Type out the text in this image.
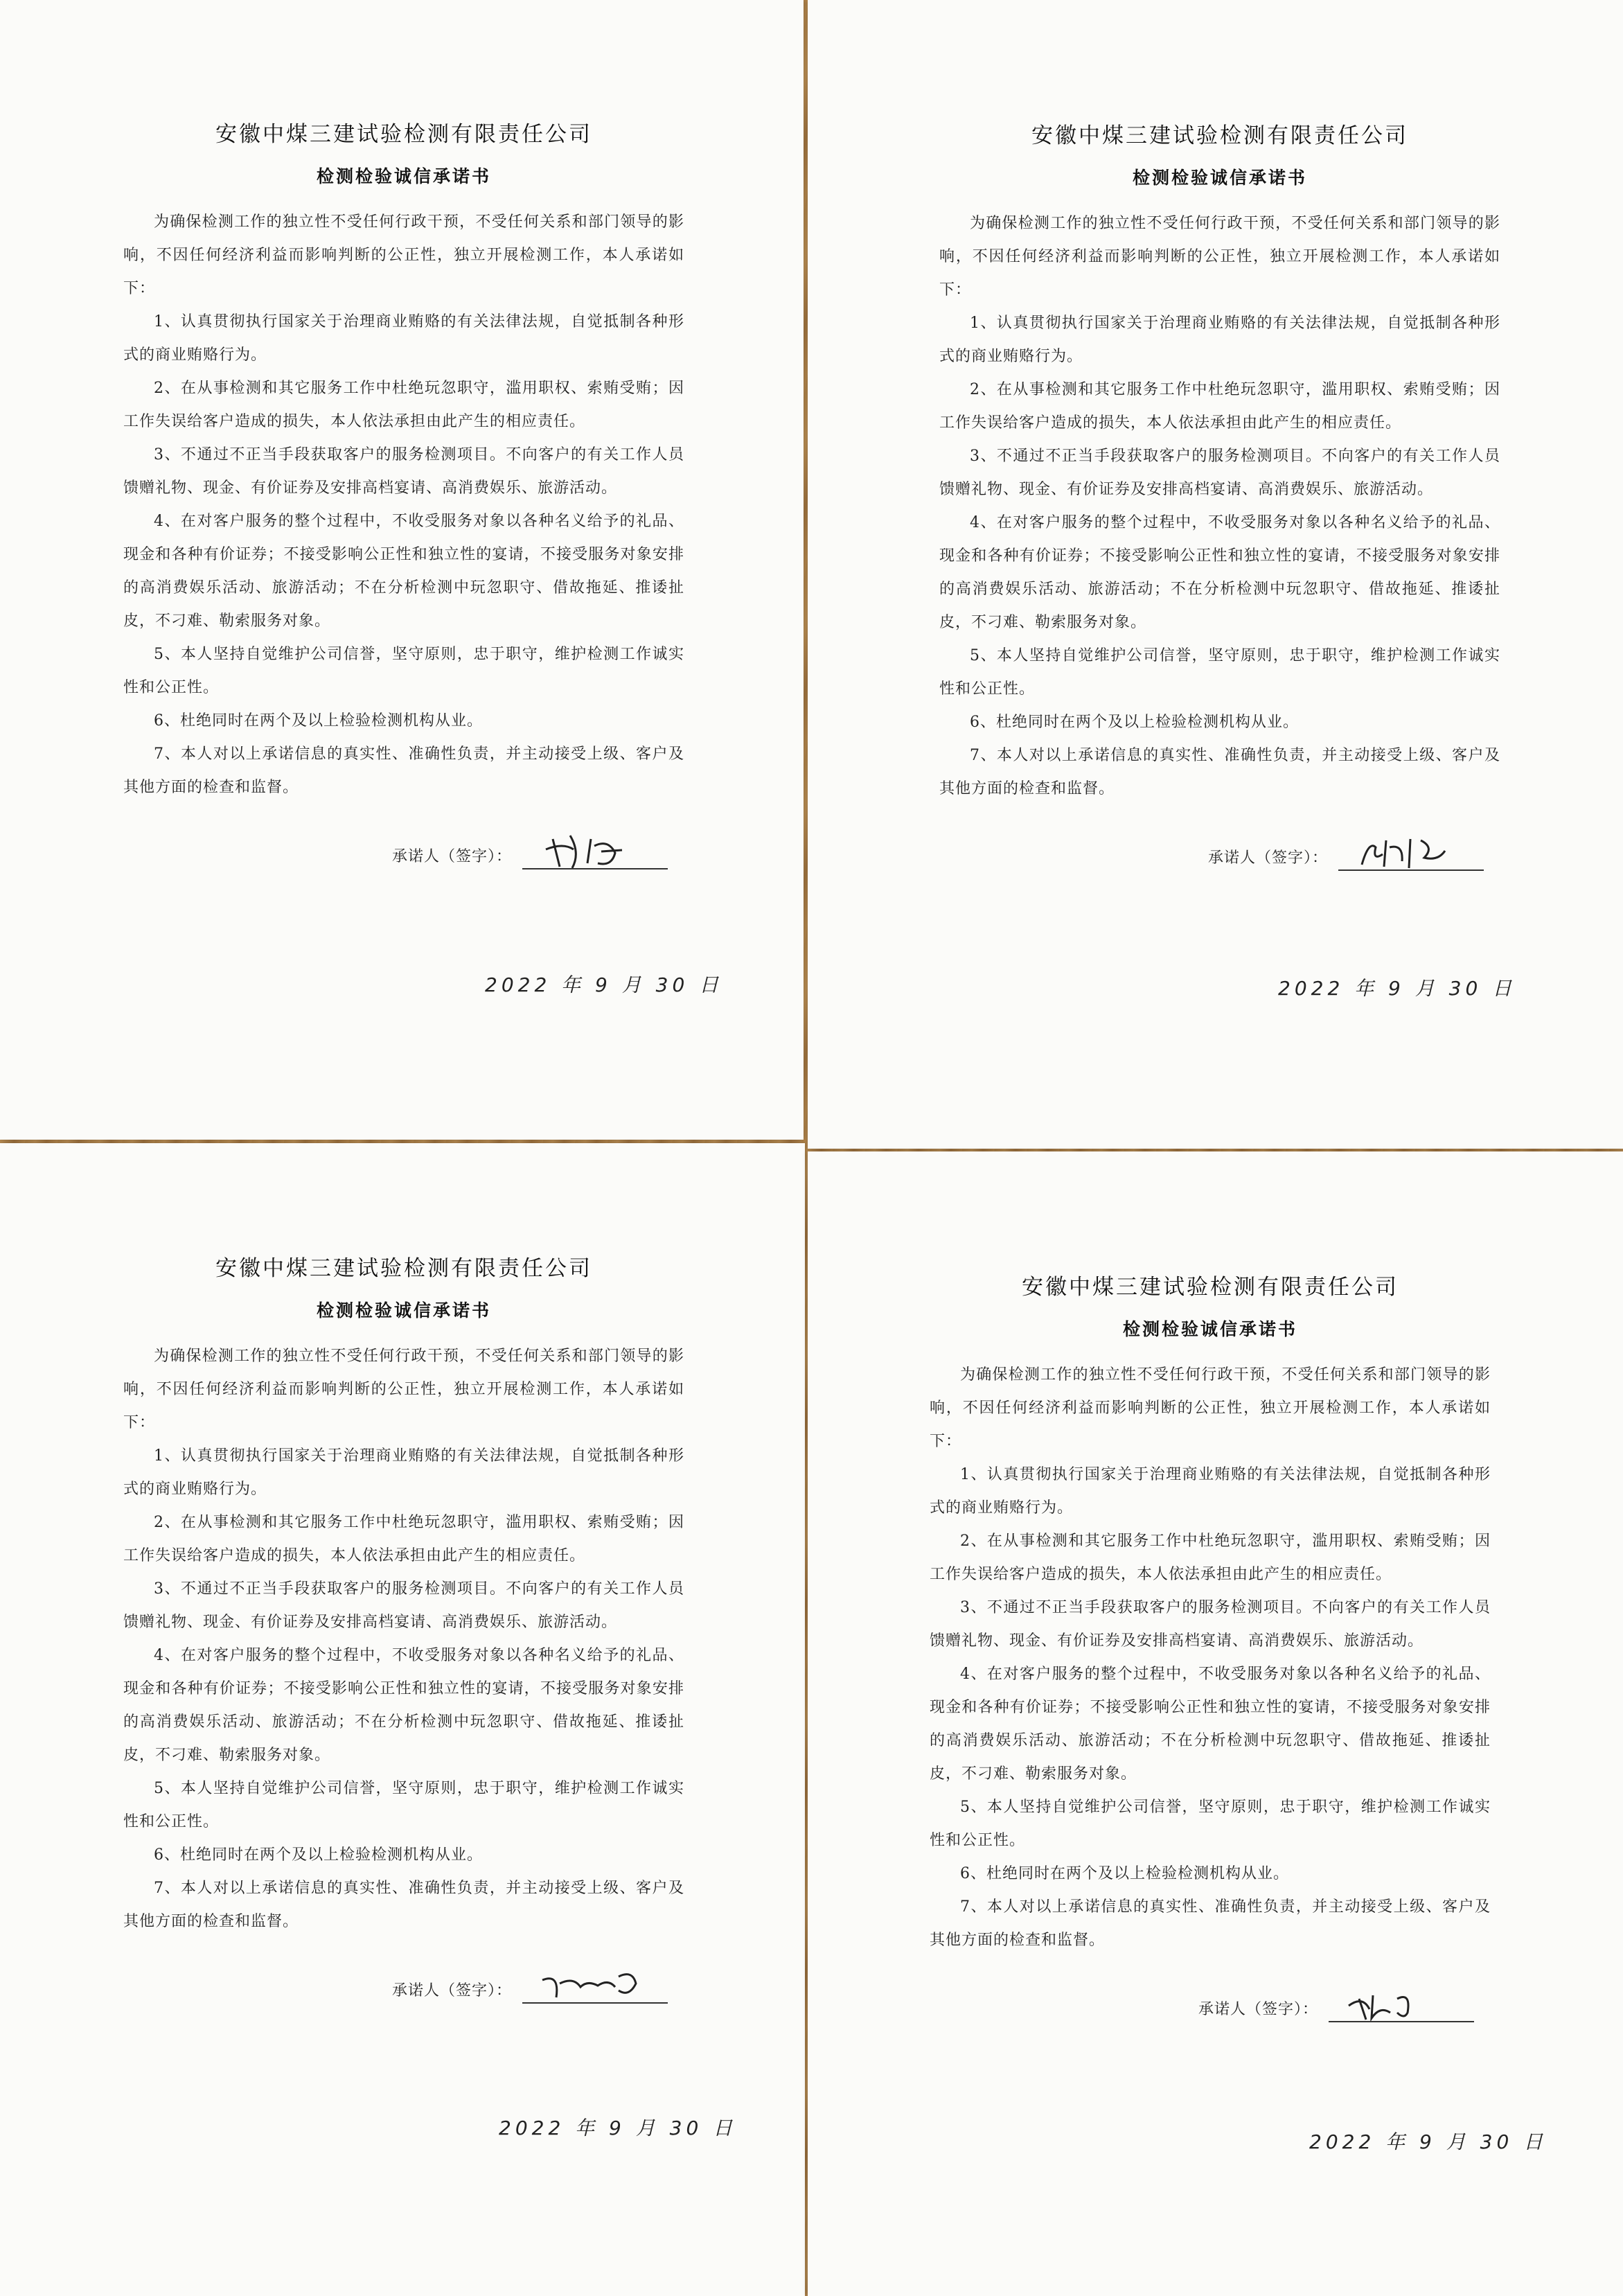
安徽中煤三建试验检测有限责任公司
检测检验诚信承诺书

为确保检测工作的独立性不受任何行政干预，不受任何关系和部门领导的影响，不因任何经济利益而影响判断的公正性，独立开展检测工作，本人承诺如下：

1、认真贯彻执行国家关于治理商业贿赂的有关法律法规，自觉抵制各种形式的商业贿赂行为。

2、在从事检测和其它服务工作中杜绝玩忽职守，滥用职权、索贿受贿；因工作失误给客户造成的损失，本人依法承担由此产生的相应责任。

3、不通过不正当手段获取客户的服务检测项目。不向客户的有关工作人员馈赠礼物、现金、有价证券及安排高档宴请、高消费娱乐、旅游活动。

4、在对客户服务的整个过程中，不收受服务对象以各种名义给予的礼品、现金和各种有价证券；不接受影响公正性和独立性的宴请，不接受服务对象安排的高消费娱乐活动、旅游活动；不在分析检测中玩忽职守、借故拖延、推诿扯皮，不刁难、勒索服务对象。

5、本人坚持自觉维护公司信誉，坚守原则，忠于职守，维护检测工作诚实性和公正性。

6、杜绝同时在两个及以上检验检测机构从业。

7、本人对以上承诺信息的真实性、准确性负责，并主动接受上级、客户及其他方面的检查和监督。

承诺人（签字）：
安徽中煤三建试验检测有限责任公司
检测检验诚信承诺书

为确保检测工作的独立性不受任何行政干预，不受任何关系和部门领导的影响，不因任何经济利益而影响判断的公正性，独立开展检测工作，本人承诺如下：

1、认真贯彻执行国家关于治理商业贿赂的有关法律法规，自觉抵制各种形式的商业贿赂行为。

2、在从事检测和其它服务工作中杜绝玩忽职守，滥用职权、索贿受贿；因工作失误给客户造成的损失，本人依法承担由此产生的相应责任。

3、不通过不正当手段获取客户的服务检测项目。不向客户的有关工作人员馈赠礼物、现金、有价证券及安排高档宴请、高消费娱乐、旅游活动。

4、在对客户服务的整个过程中，不收受服务对象以各种名义给予的礼品、现金和各种有价证券；不接受影响公正性和独立性的宴请，不接受服务对象安排的高消费娱乐活动、旅游活动；不在分析检测中玩忽职守、借故拖延、推诿扯皮，不刁难、勒索服务对象。

5、本人坚持自觉维护公司信誉，坚守原则，忠于职守，维护检测工作诚实性和公正性。

6、杜绝同时在两个及以上检验检测机构从业。

7、本人对以上承诺信息的真实性、准确性负责，并主动接受上级、客户及其他方面的检查和监督。

承诺人（签字）：
安徽中煤三建试验检测有限责任公司
检测检验诚信承诺书

为确保检测工作的独立性不受任何行政干预，不受任何关系和部门领导的影响，不因任何经济利益而影响判断的公正性，独立开展检测工作，本人承诺如下：

1、认真贯彻执行国家关于治理商业贿赂的有关法律法规，自觉抵制各种形式的商业贿赂行为。

2、在从事检测和其它服务工作中杜绝玩忽职守，滥用职权、索贿受贿；因工作失误给客户造成的损失，本人依法承担由此产生的相应责任。

3、不通过不正当手段获取客户的服务检测项目。不向客户的有关工作人员馈赠礼物、现金、有价证券及安排高档宴请、高消费娱乐、旅游活动。

4、在对客户服务的整个过程中，不收受服务对象以各种名义给予的礼品、现金和各种有价证券；不接受影响公正性和独立性的宴请，不接受服务对象安排的高消费娱乐活动、旅游活动；不在分析检测中玩忽职守、借故拖延、推诿扯皮，不刁难、勒索服务对象。

5、本人坚持自觉维护公司信誉，坚守原则，忠于职守，维护检测工作诚实性和公正性。

6、杜绝同时在两个及以上检验检测机构从业。

7、本人对以上承诺信息的真实性、准确性负责，并主动接受上级、客户及其他方面的检查和监督。

承诺人（签字）：
安徽中煤三建试验检测有限责任公司
检测检验诚信承诺书

为确保检测工作的独立性不受任何行政干预，不受任何关系和部门领导的影响，不因任何经济利益而影响判断的公正性，独立开展检测工作，本人承诺如下：

1、认真贯彻执行国家关于治理商业贿赂的有关法律法规，自觉抵制各种形式的商业贿赂行为。

2、在从事检测和其它服务工作中杜绝玩忽职守，滥用职权、索贿受贿；因工作失误给客户造成的损失，本人依法承担由此产生的相应责任。

3、不通过不正当手段获取客户的服务检测项目。不向客户的有关工作人员馈赠礼物、现金、有价证券及安排高档宴请、高消费娱乐、旅游活动。

4、在对客户服务的整个过程中，不收受服务对象以各种名义给予的礼品、现金和各种有价证券；不接受影响公正性和独立性的宴请，不接受服务对象安排的高消费娱乐活动、旅游活动；不在分析检测中玩忽职守、借故拖延、推诿扯皮，不刁难、勒索服务对象。

5、本人坚持自觉维护公司信誉，坚守原则，忠于职守，维护检测工作诚实性和公正性。

6、杜绝同时在两个及以上检验检测机构从业。

7、本人对以上承诺信息的真实性、准确性负责，并主动接受上级、客户及其他方面的检查和监督。

承诺人（签字）：
2022 年 9 月 30 日	2022 年 9 月 30 日
2022 年 9 月 30 日
2022 年 9 月 30 日
